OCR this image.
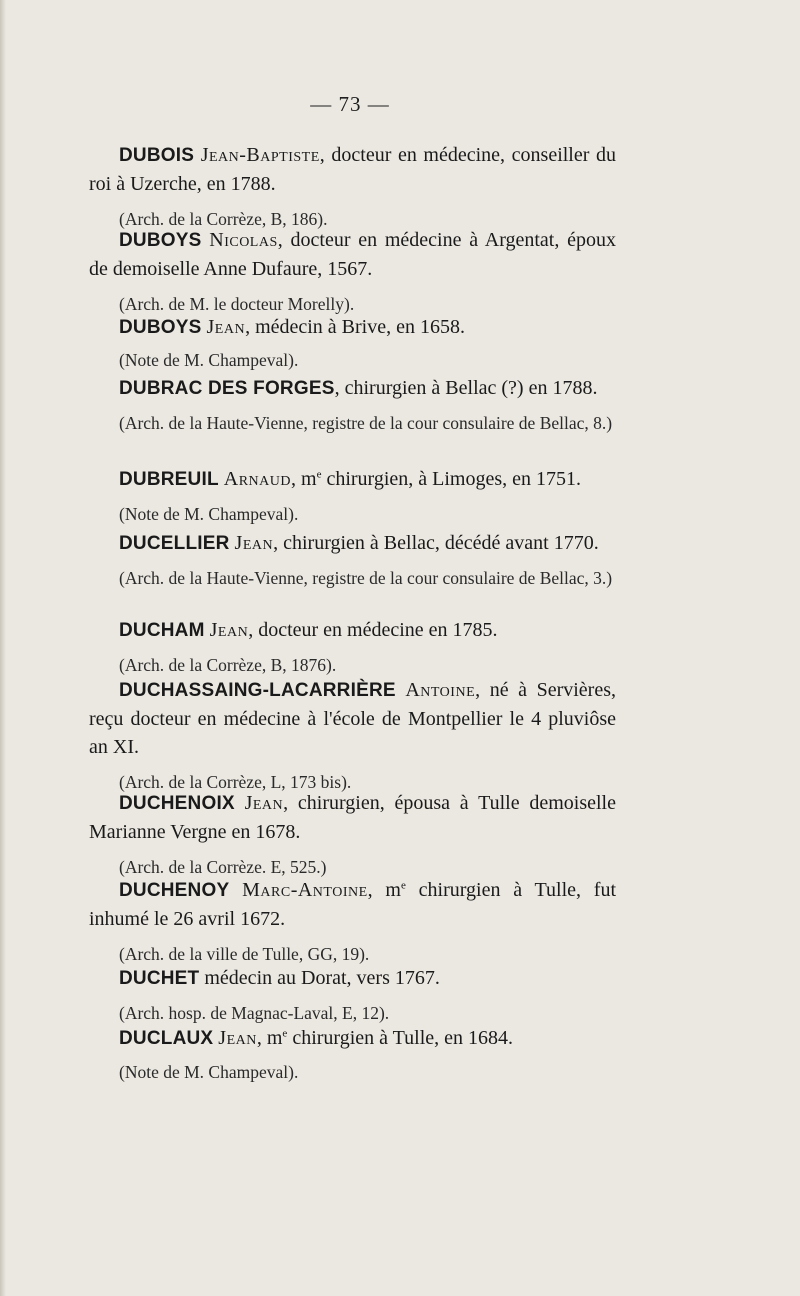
— 73 —

DUBOIS Jean-Baptiste, docteur en médecine, conseiller du roi à Uzerche, en 1788.

(Arch. de la Corrèze, B, 186).

DUBOYS Nicolas, docteur en médecine à Argentat, époux de demoiselle Anne Dufaure, 1567.

(Arch. de M. le docteur Morelly).

DUBOYS Jean, médecin à Brive, en 1658.

(Note de M. Champeval).

DUBRAC DES FORGES, chirurgien à Bellac (?) en 1788.

(Arch. de la Haute-Vienne, registre de la cour consulaire de Bellac, 8.)

DUBREUIL Arnaud, $m^e$ chirurgien, à Limoges, en 1751.

(Note de M. Champeval).

DUCELLIER Jean, chirurgien à Bellac, décédé avant 1770.

(Arch. de la Haute-Vienne, registre de la cour consulaire de Bellac, 3.)

DUCHAM Jean, docteur en médecine en 1785.

(Arch. de la Corrèze, B, 1876).

DUCHASSAING-LACARRIÈRE Antoine, né à Servières, reçu docteur en médecine à l'école de Montpellier le 4 pluviôse an XI.

(Arch. de la Corrèze, L, 173 bis).

DUCHENOIX Jean, chirurgien, épousa à Tulle demoiselle Marianne Vergne en 1678.

(Arch. de la Corrèze. E, 525.)

DUCHENOY Marc-Antoine, $m^e$ chirurgien à Tulle, fut inhumé le 26 avril 1672.

(Arch. de la ville de Tulle, GG, 19).

DUCHET médecin au Dorat, vers 1767.

(Arch. hosp. de Magnac-Laval, E, 12).

DUCLAUX Jean, $m^e$ chirurgien à Tulle, en 1684.

(Note de M. Champeval).
